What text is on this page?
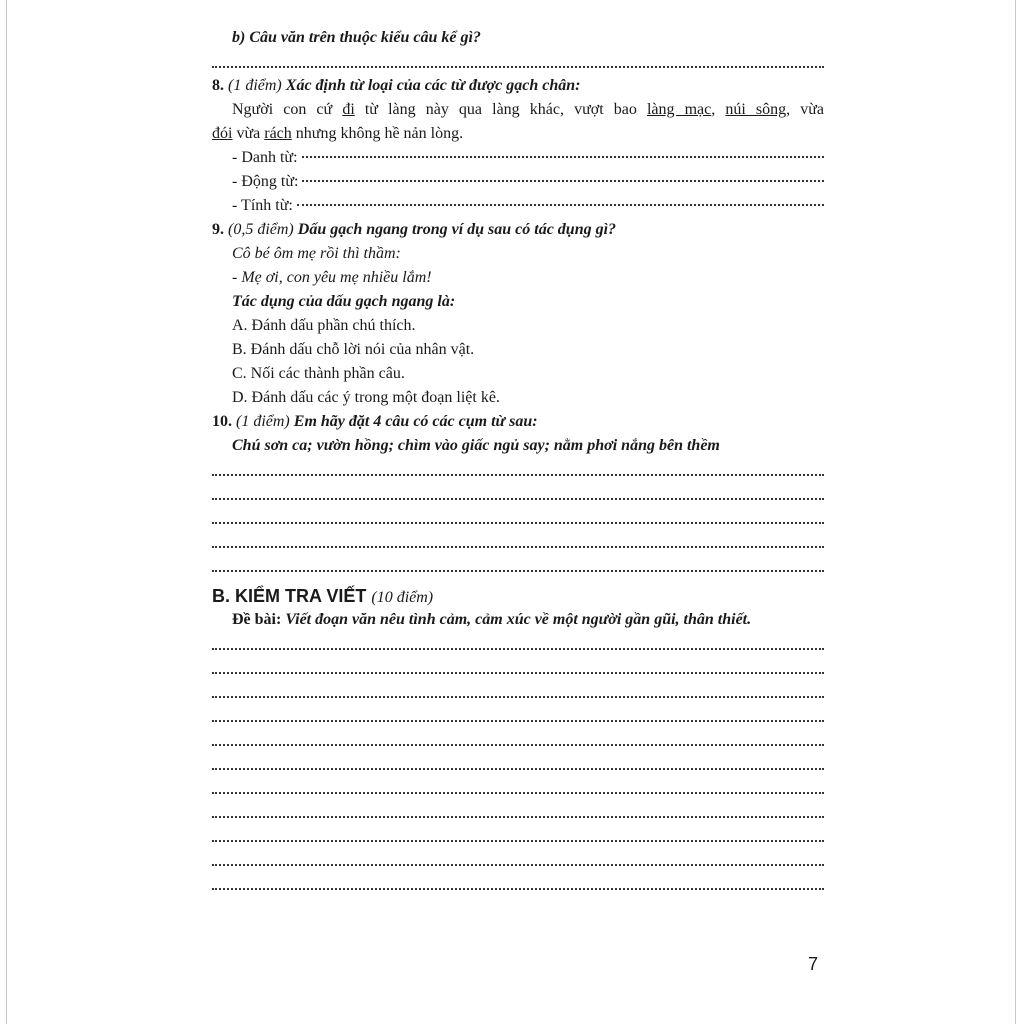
b) Câu văn trên thuộc kiểu câu kể gì?
8. (1 điểm) Xác định từ loại của các từ được gạch chân:
Người con cứ đi từ làng này qua làng khác, vượt bao làng mạc, núi sông, vừa
đói vừa rách nhưng không hề nản lòng.
- Danh từ:
- Động từ:
- Tính từ:
9. (0,5 điểm) Dấu gạch ngang trong ví dụ sau có tác dụng gì?
Cô bé ôm mẹ rồi thì thầm:
- Mẹ ơi, con yêu mẹ nhiều lắm!
Tác dụng của dấu gạch ngang là:
A. Đánh dấu phần chú thích.
B. Đánh dấu chỗ lời nói của nhân vật.
C. Nối các thành phần câu.
D. Đánh dấu các ý trong một đoạn liệt kê.
10. (1 điểm) Em hãy đặt 4 câu có các cụm từ sau:
Chú sơn ca; vườn hồng; chìm vào giấc ngủ say; nằm phơi nắng bên thềm
B. KIỂM TRA VIẾT (10 điểm)
Đề bài: Viết đoạn văn nêu tình cảm, cảm xúc về một người gần gũi, thân thiết.
7
